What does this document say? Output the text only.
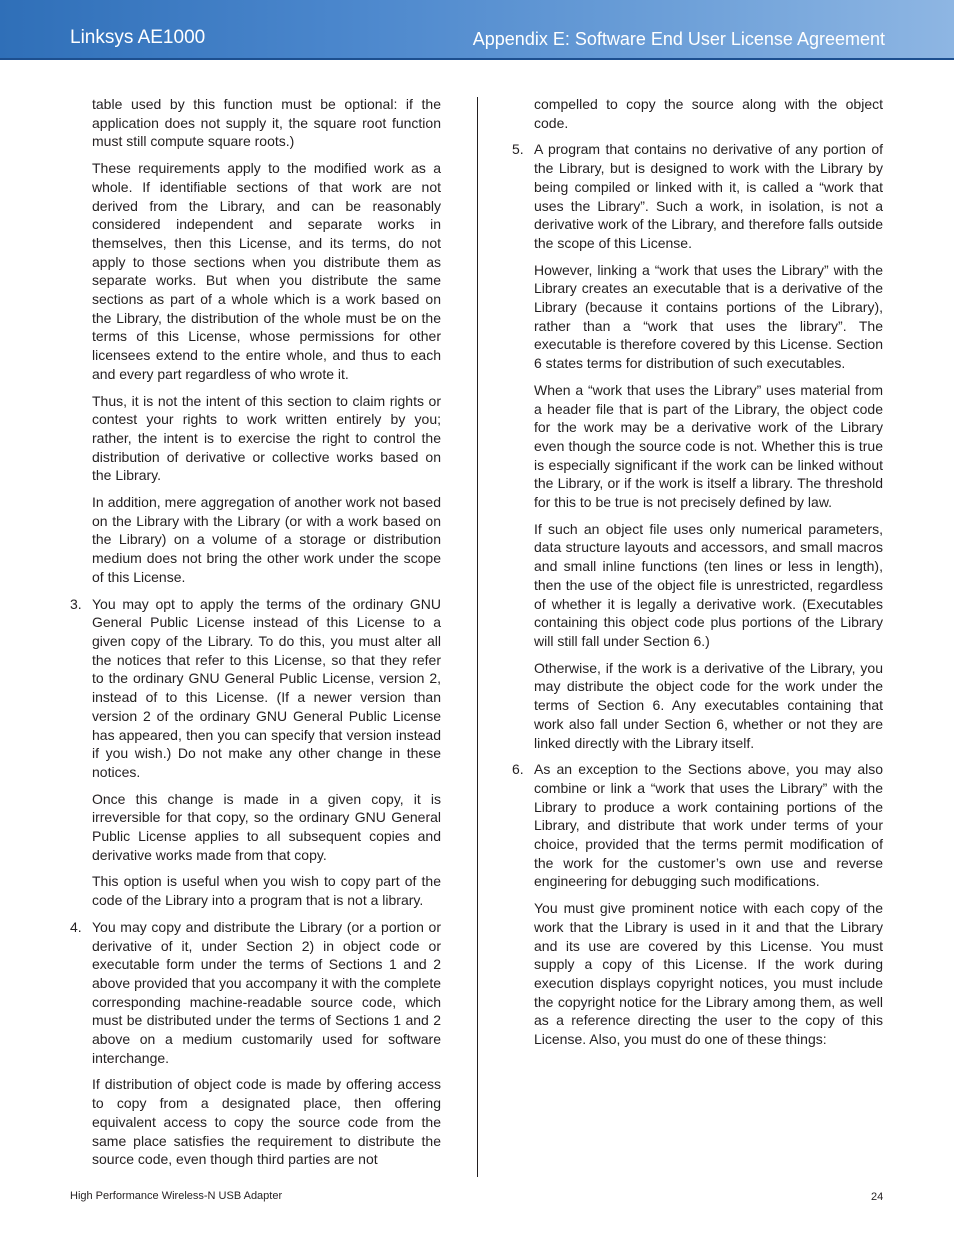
Linksys AE1000	Appendix E: Software End User License Agreement

table used by this function must be optional: if the application does not supply it, the square root function must still compute square roots.)

These requirements apply to the modified work as a whole. If identifiable sections of that work are not derived from the Library, and can be reasonably considered independent and separate works in themselves, then this License, and its terms, do not apply to those sections when you distribute them as separate works. But when you distribute the same sections as part of a whole which is a work based on the Library, the distribution of the whole must be on the terms of this License, whose permissions for other licensees extend to the entire whole, and thus to each and every part regardless of who wrote it.

Thus, it is not the intent of this section to claim rights or contest your rights to work written entirely by you; rather, the intent is to exercise the right to control the distribution of derivative or collective works based on the Library.

In addition, mere aggregation of another work not based on the Library with the Library (or with a work based on the Library) on a volume of a storage or distribution medium does not bring the other work under the scope of this License.

3. You may opt to apply the terms of the ordinary GNU General Public License instead of this License to a given copy of the Library. To do this, you must alter all the notices that refer to this License, so that they refer to the ordinary GNU General Public License, version 2, instead of to this License. (If a newer version than version 2 of the ordinary GNU General Public License has appeared, then you can specify that version instead if you wish.) Do not make any other change in these notices.

Once this change is made in a given copy, it is irreversible for that copy, so the ordinary GNU General Public License applies to all subsequent copies and derivative works made from that copy.

This option is useful when you wish to copy part of the code of the Library into a program that is not a library.

4. You may copy and distribute the Library (or a portion or derivative of it, under Section 2) in object code or executable form under the terms of Sections 1 and 2 above provided that you accompany it with the complete corresponding machine-readable source code, which must be distributed under the terms of Sections 1 and 2 above on a medium customarily used for software interchange.

If distribution of object code is made by offering access to copy from a designated place, then offering equivalent access to copy the source code from the same place satisfies the requirement to distribute the source code, even though third parties are not

compelled to copy the source along with the object code.

5. A program that contains no derivative of any portion of the Library, but is designed to work with the Library by being compiled or linked with it, is called a “work that uses the Library”. Such a work, in isolation, is not a derivative work of the Library, and therefore falls outside the scope of this License.

However, linking a “work that uses the Library” with the Library creates an executable that is a derivative of the Library (because it contains portions of the Library), rather than a “work that uses the library”. The executable is therefore covered by this License. Section 6 states terms for distribution of such executables.

When a “work that uses the Library” uses material from a header file that is part of the Library, the object code for the work may be a derivative work of the Library even though the source code is not. Whether this is true is especially significant if the work can be linked without the Library, or if the work is itself a library. The threshold for this to be true is not precisely defined by law.

If such an object file uses only numerical parameters, data structure layouts and accessors, and small macros and small inline functions (ten lines or less in length), then the use of the object file is unrestricted, regardless of whether it is legally a derivative work. (Executables containing this object code plus portions of the Library will still fall under Section 6.)

Otherwise, if the work is a derivative of the Library, you may distribute the object code for the work under the terms of Section 6. Any executables containing that work also fall under Section 6, whether or not they are linked directly with the Library itself.

6. As an exception to the Sections above, you may also combine or link a “work that uses the Library” with the Library to produce a work containing portions of the Library, and distribute that work under terms of your choice, provided that the terms permit modification of the work for the customer’s own use and reverse engineering for debugging such modifications.

You must give prominent notice with each copy of the work that the Library is used in it and that the Library and its use are covered by this License. You must supply a copy of this License. If the work during execution displays copyright notices, you must include the copyright notice for the Library among them, as well as a reference directing the user to the copy of this License. Also, you must do one of these things:

High Performance Wireless-N USB Adapter	24
